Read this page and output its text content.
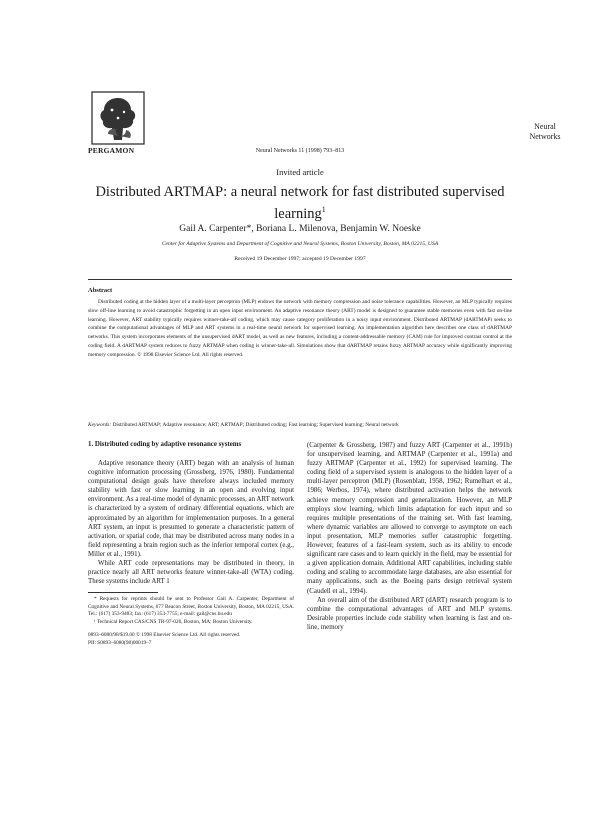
PERGAMON
Neural
Networks
Neural Networks 11 (1998) 793–813
Invited article
Distributed ARTMAP: a neural network for fast distributed supervised learning$^1$
Gail A. Carpenter*, Boriana L. Milenova, Benjamin W. Noeske
Center for Adaptive Systems and Department of Cognitive and Neural Systems, Boston University, Boston, MA 02215, USA
Received 19 December 1997; accepted 19 December 1997
Abstract
Distributed coding at the hidden layer of a multi-layer perceptron (MLP) endows the network with memory compression and noise tolerance capabilities. However, an MLP typically requires slow off-line learning to avoid catastrophic forgetting in an open input environment. An adaptive resonance theory (ART) model is designed to guarantee stable memories even with fast on-line learning. However, ART stability typically requires winner-take-all coding, which may cause category proliferation in a noisy input environment. Distributed ARTMAP (dARTMAP) seeks to combine the computational advantages of MLP and ART systems in a real-time neural network for supervised learning. An implementation algorithm here describes one class of dARTMAP networks. This system incorporates elements of the unsupervised dART model, as well as new features, including a content-addressable memory (CAM) rule for improved contrast control at the coding field. A dARTMAP system reduces to fuzzy ARTMAP when coding is winner-take-all. Simulations show that dARTMAP retains fuzzy ARTMAP accuracy while significantly improving memory compression. © 1998 Elsevier Science Ltd. All rights reserved.
Keywords: Distributed ARTMAP; Adaptive resonance; ART; ARTMAP; Distributed coding; Fast learning; Supervised learning; Neural network
1. Distributed coding by adaptive resonance systems

Adaptive resonance theory (ART) began with an analysis of human cognitive information processing (Grossberg, 1976, 1980). Fundamental computational design goals have therefore always included memory stability with fast or slow learning in an open and evolving input environment. As a real-time model of dynamic processes, an ART network is characterized by a system of ordinary differential equations, which are approximated by an algorithm for implementation purposes. In a general ART system, an input is presumed to generate a characteristic pattern of activation, or spatial code, that may be distributed across many nodes in a field representing a brain region such as the inferior temporal cortex (e.g., Miller et al., 1991).

While ART code representations may be distributed in theory, in practice nearly all ART networks feature winner-take-all (WTA) coding. These systems include ART 1

(Carpenter & Grossberg, 1987) and fuzzy ART (Carpenter et al., 1991b) for unsupervised learning, and ARTMAP (Carpenter et al., 1991a) and fuzzy ARTMAP (Carpenter et al., 1992) for supervised learning. The coding field of a supervised system is analogous to the hidden layer of a multi-layer perceptron (MLP) (Rosenblatt, 1958, 1962; Rumelhart et al., 1986; Werbos, 1974), where distributed activation helps the network achieve memory compression and generalization. However, an MLP employs slow learning, which limits adaptation for each input and so requires multiple presentations of the training set. With fast learning, where dynamic variables are allowed to converge to asymptote on each input presentation, MLP memories suffer catastrophic forgetting. However, features of a fast-learn system, such as its ability to encode significant rare cases and to learn quickly in the field, may be essential for a given application domain. Additional ART capabilities, including stable coding and scaling to accommodate large databases, are also essential for many applications, such as the Boeing parts design retrieval system (Caudell et al., 1994).

An overall aim of the distributed ART (dART) research program is to combine the computational advantages of ART and MLP systems. Desirable properties include code stability when learning is fast and on-line, memory

* Requests for reprints should be sent to Professor Gail A. Carpenter, Department of Cognitive and Neural Systems, 677 Beacon Street, Boston University, Boston, MA 02215, USA. Tel.: (617) 353-9483; fax: (617) 353-7755; e-mail: gail@cns.bu.edu

¹ Technical Report CAS/CNS TR-97-026, Boston, MA: Boston University.

0893–6080/98/$19.00 © 1998 Elsevier Science Ltd. All rights reserved.
PII: S0893–6080(98)00019–7
